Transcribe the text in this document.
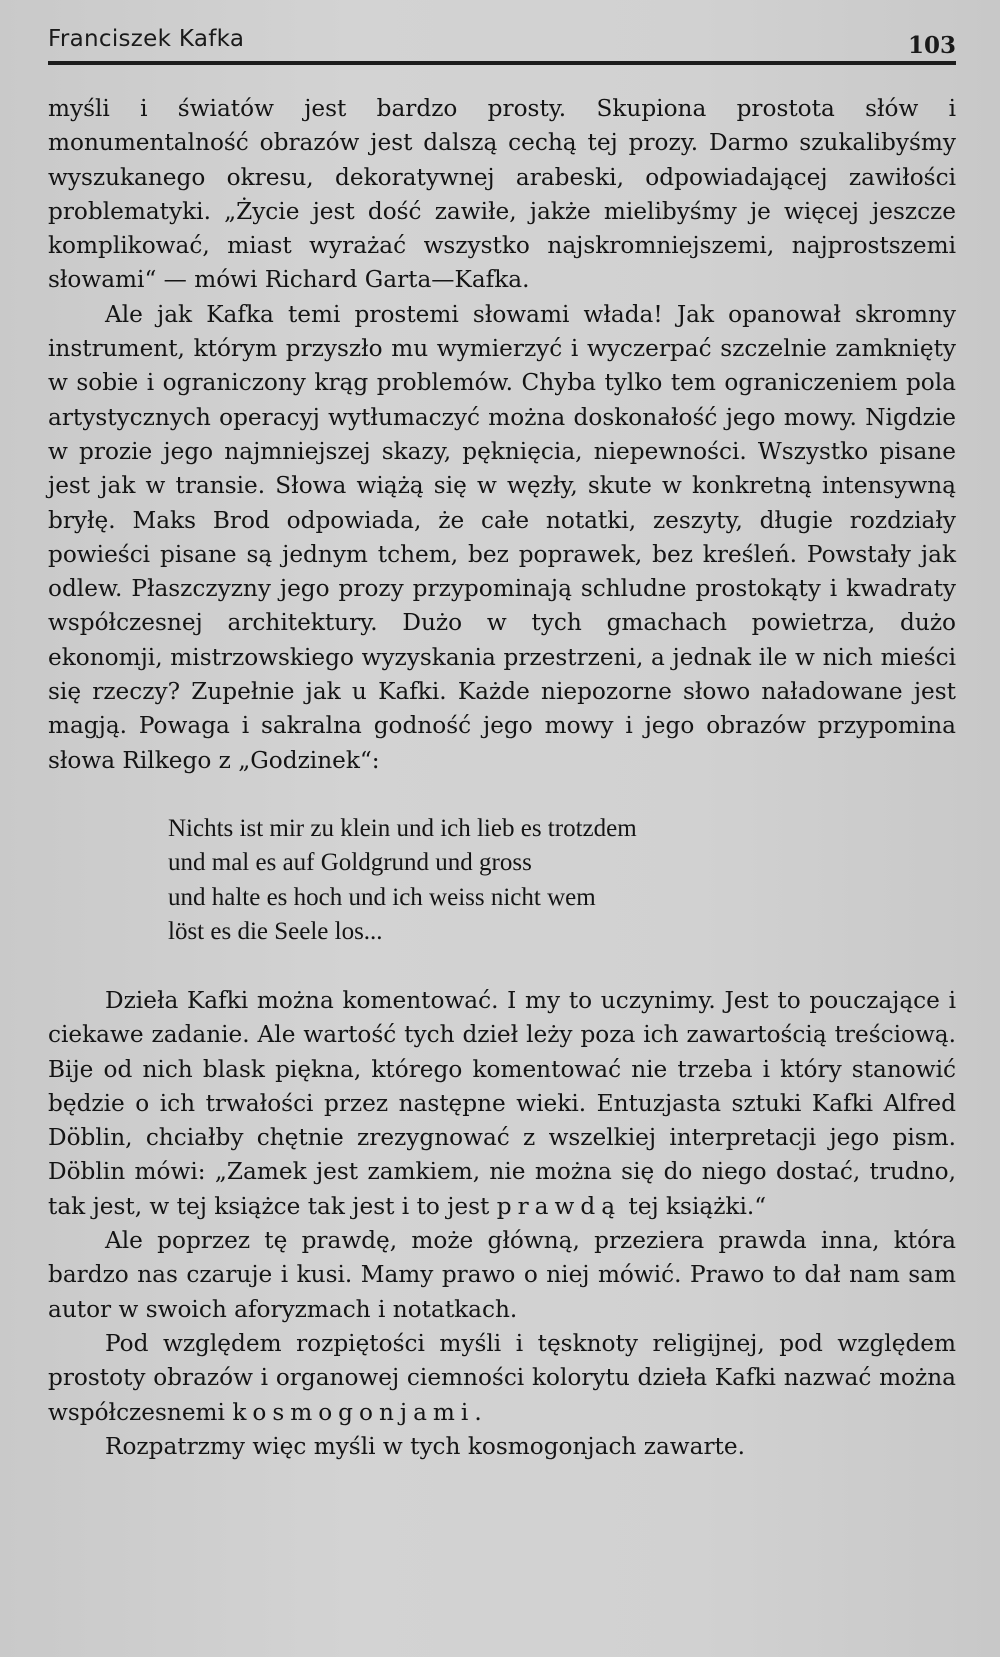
Franciszek Kafka	103

myśli i światów jest bardzo prosty. Skupiona prostota słów i monumentalność obrazów jest dalszą cechą tej prozy. Darmo szukalibyśmy wyszukanego okresu, dekoratywnej arabeski, odpowiadającej zawiłości problematyki. „Życie jest dość zawiłe, jakże mielibyśmy je więcej jeszcze komplikować, miast wyrażać wszystko najskromniejszemi, najprostszemi słowami“ — mówi Richard Garta—Kafka.

Ale jak Kafka temi prostemi słowami włada! Jak opanował skromny instrument, którym przyszło mu wymierzyć i wyczerpać szczelnie zamknięty w sobie i ograniczony krąg problemów. Chyba tylko tem ograniczeniem pola artystycznych operacyj wytłumaczyć można doskonałość jego mowy. Nigdzie w prozie jego najmniejszej skazy, pęknięcia, niepewności. Wszystko pisane jest jak w transie. Słowa wiążą się w węzły, skute w konkretną intensywną bryłę. Maks Brod odpowiada, że całe notatki, zeszyty, długie rozdziały powieści pisane są jednym tchem, bez poprawek, bez kreśleń. Powstały jak odlew. Płaszczyzny jego prozy przypominają schludne prostokąty i kwadraty współczesnej architektury. Dużo w tych gmachach powietrza, dużo ekonomji, mistrzowskiego wyzyskania przestrzeni, a jednak ile w nich mieści się rzeczy? Zupełnie jak u Kafki. Każde niepozorne słowo naładowane jest magją. Powaga i sakralna godność jego mowy i jego obrazów przypomina słowa Rilkego z „Godzinek“:

Nichts ist mir zu klein und ich lieb es trotzdem
und mal es auf Goldgrund und gross
und halte es hoch und ich weiss nicht wem
löst es die Seele los...

Dzieła Kafki można komentować. I my to uczynimy. Jest to pouczające i ciekawe zadanie. Ale wartość tych dzieł leży poza ich zawartością treściową. Bije od nich blask piękna, którego komentować nie trzeba i który stanowić będzie o ich trwałości przez następne wieki. Entuzjasta sztuki Kafki Alfred Döblin, chciałby chętnie zrezygnować z wszelkiej interpretacji jego pism. Döblin mówi: „Zamek jest zamkiem, nie można się do niego dostać, trudno, tak jest, w tej książce tak jest i to jest prawdą tej książki.“

Ale poprzez tę prawdę, może główną, przeziera prawda inna, która bardzo nas czaruje i kusi. Mamy prawo o niej mówić. Prawo to dał nam sam autor w swoich aforyzmach i notatkach.

Pod względem rozpiętości myśli i tęsknoty religijnej, pod względem prostoty obrazów i organowej ciemności kolorytu dzieła Kafki nazwać można współczesnemi kosmogonjami.

Rozpatrzmy więc myśli w tych kosmogonjach zawarte.
